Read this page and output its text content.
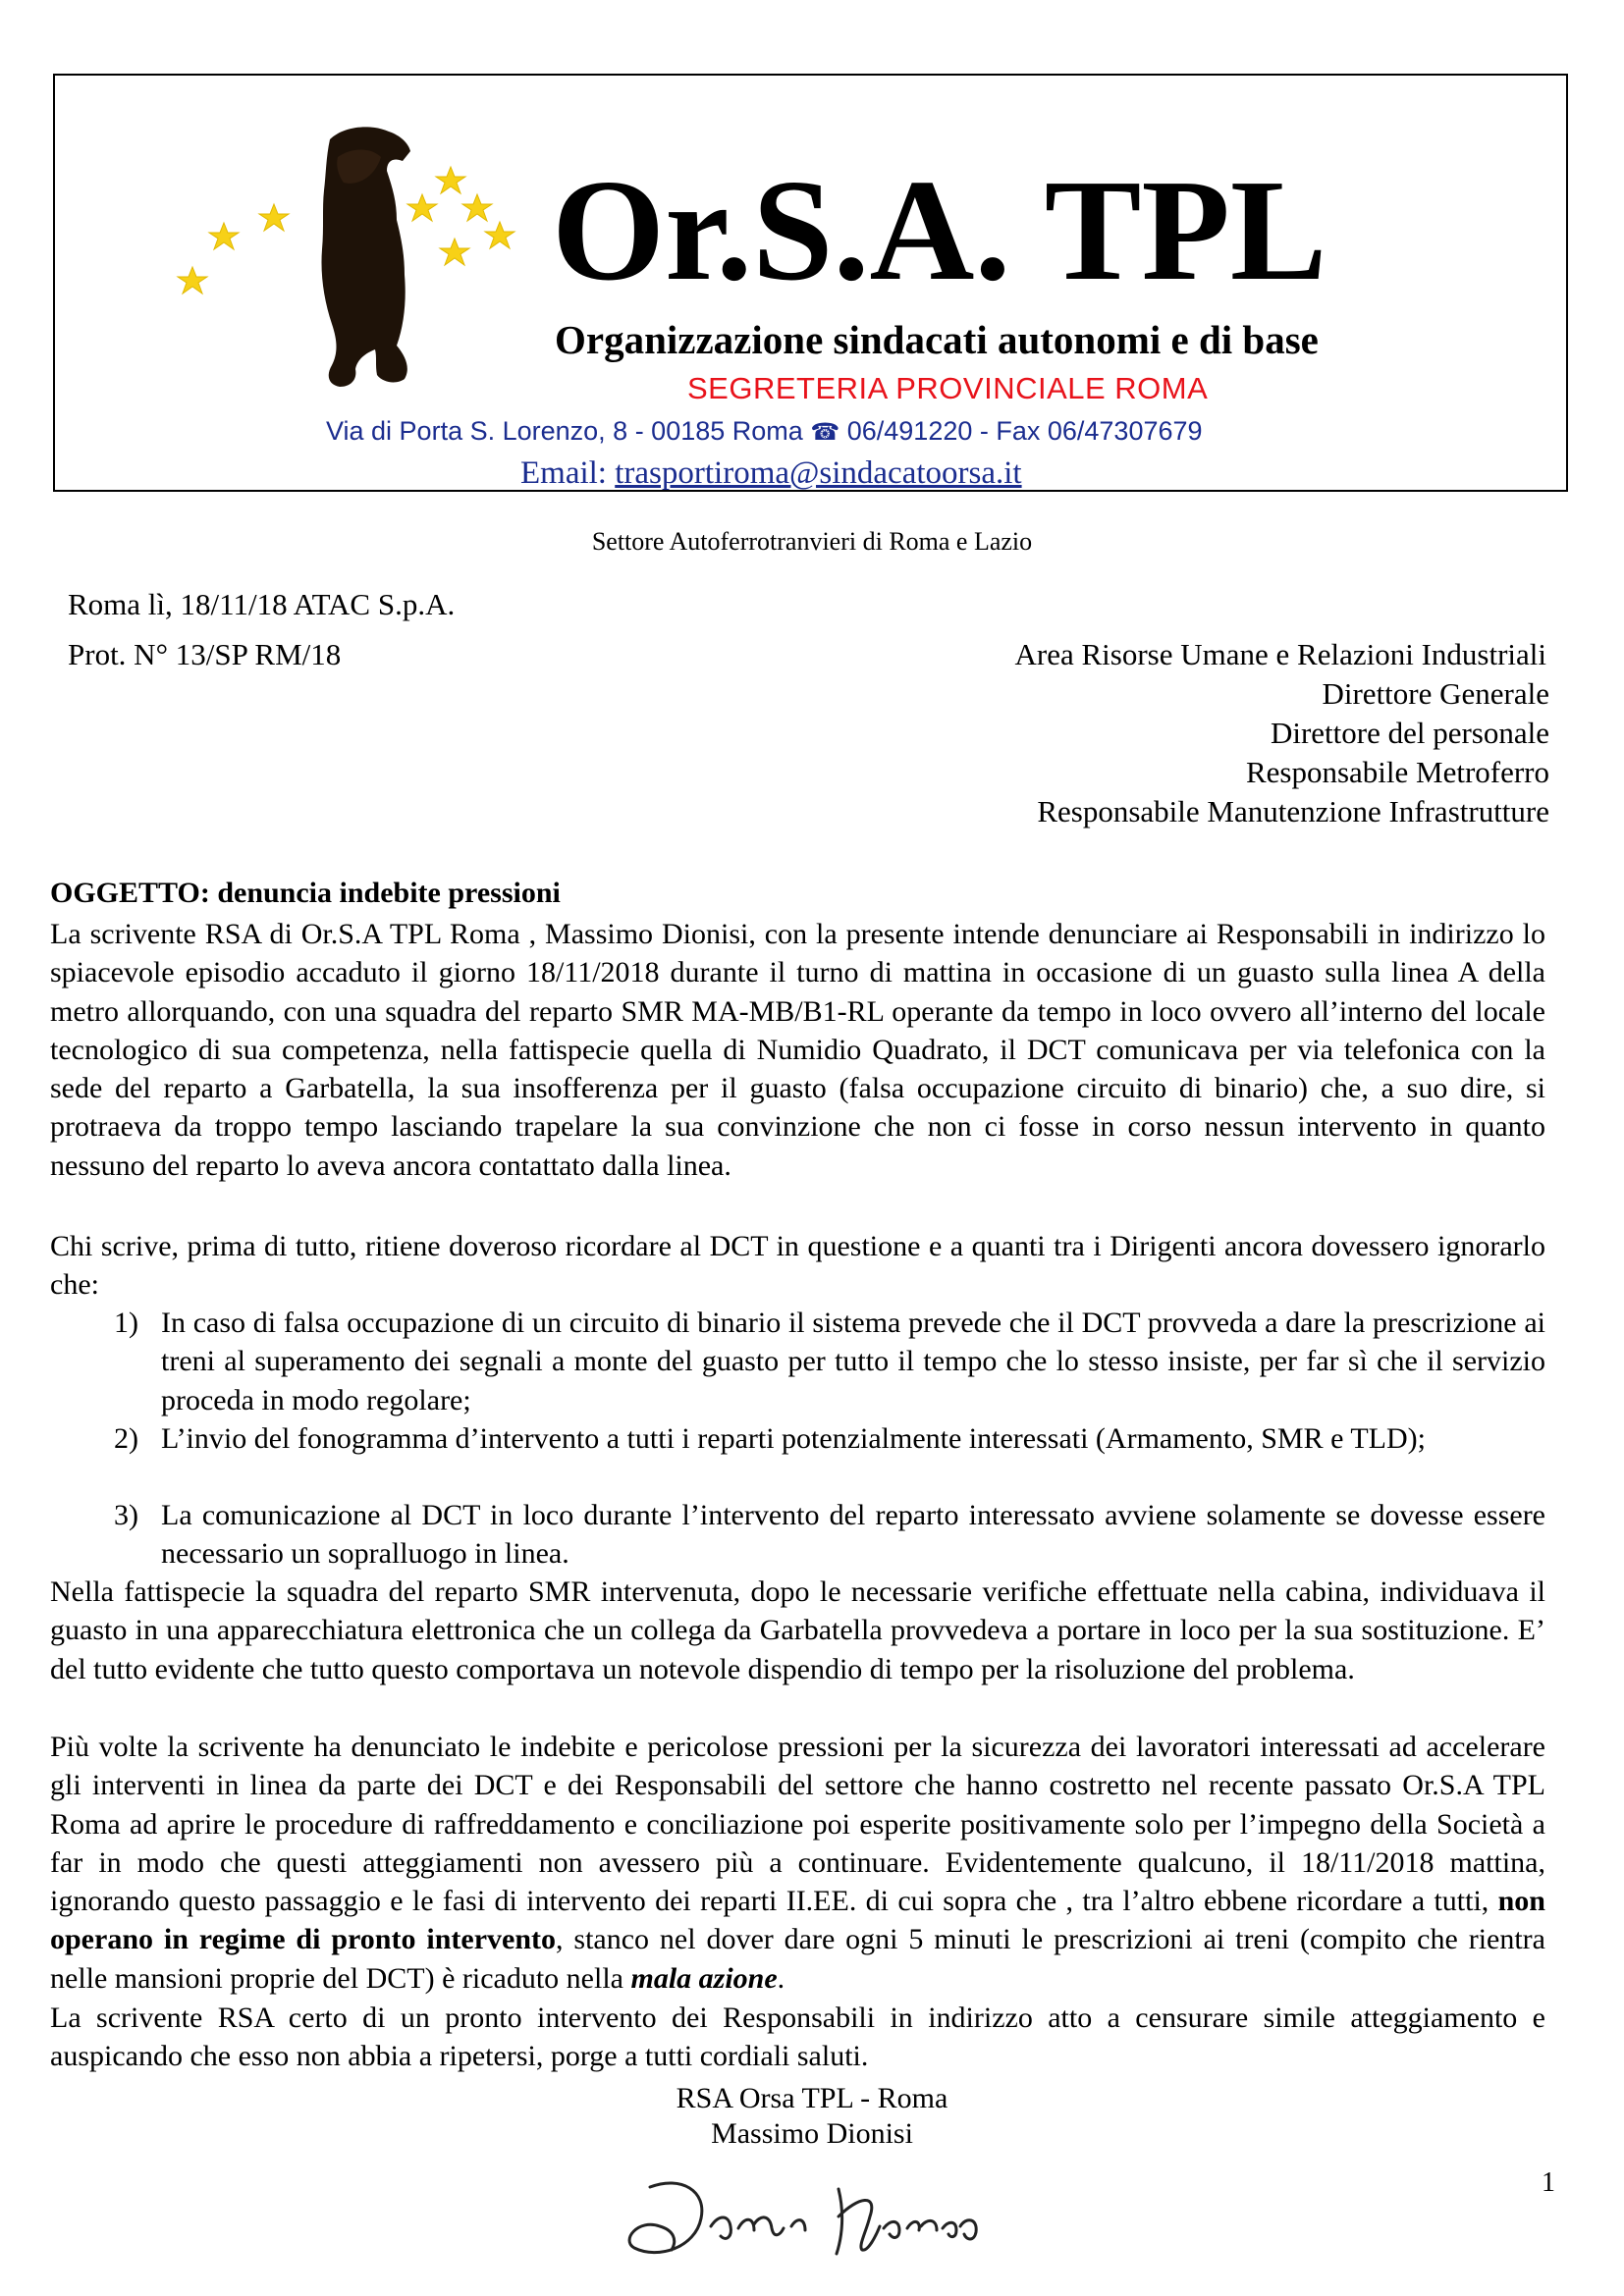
Or.S.A. TPL
Organizzazione sindacati autonomi e di base
SEGRETERIA PROVINCIALE ROMA
Via di Porta S. Lorenzo, 8 - 00185 Roma ☎ 06/491220 - Fax 06/47307679
Email: trasportiroma@sindacatoorsa.it
Settore Autoferrotranvieri di Roma e Lazio
Roma lì, 18/11/18 ATAC S.p.A.
Prot. N° 13/SP RM/18	Area Risorse Umane e Relazioni Industriali
Direttore Generale
Direttore del personale
Responsabile Metroferro
Responsabile Manutenzione Infrastrutture
OGGETTO: denuncia indebite pressioni
La scrivente RSA di Or.S.A TPL Roma , Massimo Dionisi, con la presente intende denunciare ai Responsabili in indirizzo lo spiacevole episodio accaduto il giorno 18/11/2018 durante il turno di mattina in occasione di un guasto sulla linea A della metro allorquando, con una squadra del reparto SMR MA-MB/B1-RL operante da tempo in loco ovvero all’interno del locale tecnologico di sua competenza, nella fattispecie quella di Numidio Quadrato, il DCT comunicava per via telefonica con la sede del reparto a Garbatella, la sua insofferenza per il guasto (falsa occupazione circuito di binario) che, a suo dire, si protraeva da troppo tempo lasciando trapelare la sua convinzione che non ci fosse in corso nessun intervento in quanto nessuno del reparto lo aveva ancora contattato dalla linea.
Chi scrive, prima di tutto, ritiene doveroso ricordare al DCT in questione e a quanti tra i Dirigenti ancora dovessero ignorarlo che:
1) In caso di falsa occupazione di un circuito di binario il sistema prevede che il DCT provveda a dare la prescrizione ai treni al superamento dei segnali a monte del guasto per tutto il tempo che lo stesso insiste, per far sì che il servizio proceda in modo regolare;
2) L’invio del fonogramma d’intervento a tutti i reparti potenzialmente interessati (Armamento, SMR e TLD);
3) La comunicazione al DCT in loco durante l’intervento del reparto interessato avviene solamente se dovesse essere necessario un sopralluogo in linea.
Nella fattispecie la squadra del reparto SMR intervenuta, dopo le necessarie verifiche effettuate nella cabina, individuava il guasto in una apparecchiatura elettronica che un collega da Garbatella provvedeva a portare in loco per la sua sostituzione. E’ del tutto evidente che tutto questo comportava un notevole dispendio di tempo per la risoluzione del problema.
Più volte la scrivente ha denunciato le indebite e pericolose pressioni per la sicurezza dei lavoratori interessati ad accelerare gli interventi in linea da parte dei DCT e dei Responsabili del settore che hanno costretto nel recente passato Or.S.A TPL Roma ad aprire le procedure di raffreddamento e conciliazione poi esperite positivamente solo per l’impegno della Società a far in modo che questi atteggiamenti non avessero più a continuare. Evidentemente qualcuno, il 18/11/2018 mattina, ignorando questo passaggio e le fasi di intervento dei reparti II.EE. di cui sopra che , tra l’altro ebbene ricordare a tutti, non operano in regime di pronto intervento, stanco nel dover dare ogni 5 minuti le prescrizioni ai treni (compito che rientra nelle mansioni proprie del DCT) è ricaduto nella mala azione.
La scrivente RSA certo di un pronto intervento dei Responsabili in indirizzo atto a censurare simile atteggiamento e auspicando che esso non abbia a ripetersi, porge a tutti cordiali saluti.
RSA Orsa TPL - Roma
Massimo Dionisi
1
